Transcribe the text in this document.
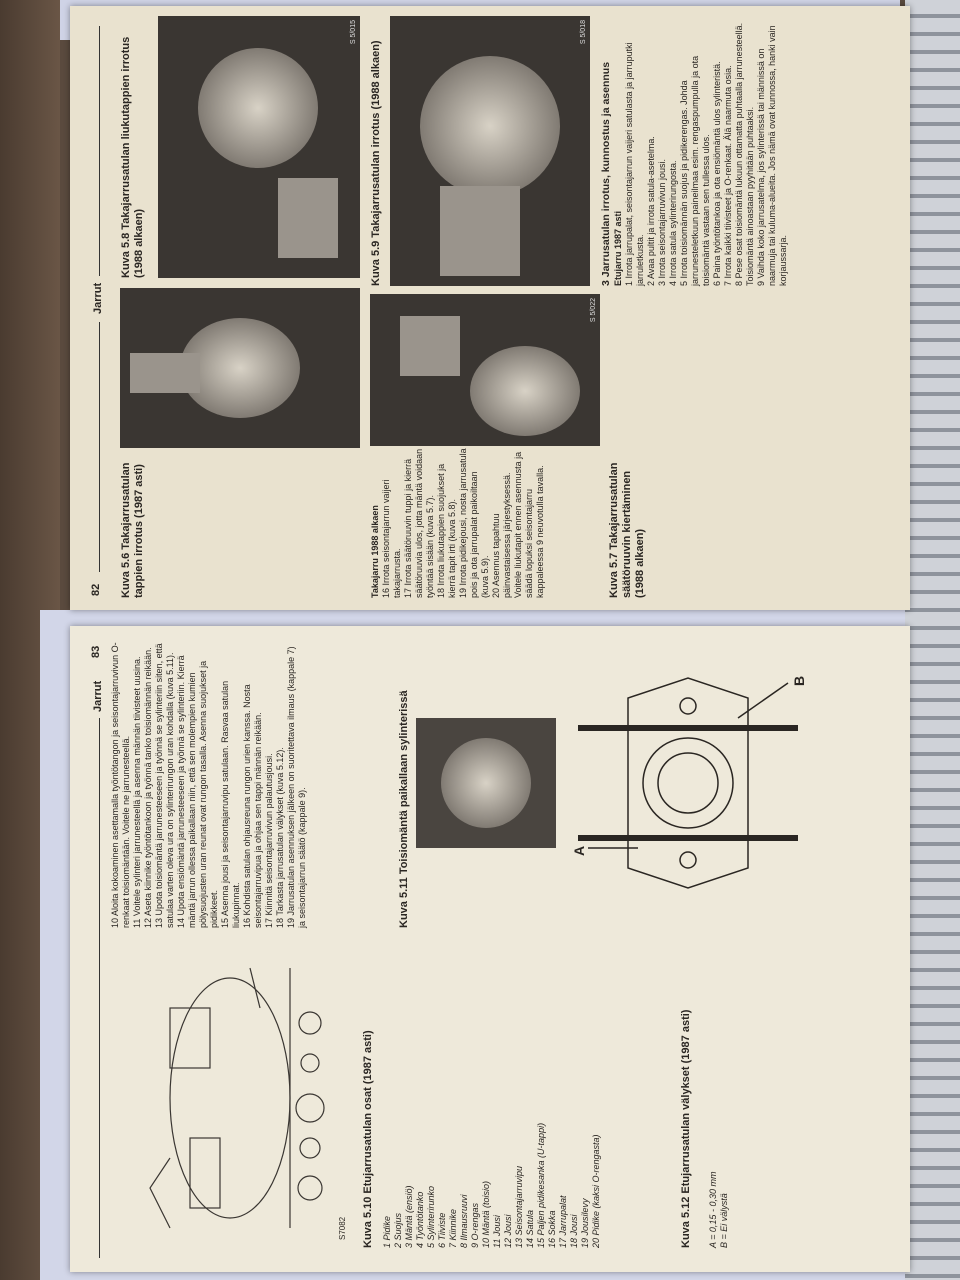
82
Jarrut
Kuva 5.6 Takajarrusatulan tappien irrotus (1987 asti)
Kuva 5.8 Takajarrusatulan liukutappien irrotus (1988 alkaen)
S 5/015

Takajarru 1988 alkaen 16 Irrota seisontajarrun vaijeri takajarrusta. 17 Irrota säätöruuvin tuppi ja kierrä säätöruuvia ulos, jotta mäntä voidaan työntää sisään (kuva 5.7). 18 Irrota liukutappien suojukset ja kierrä tapit irti (kuva 5.8). 19 Irrota pidikejousi, nosta jarrusatula pois ja ota jarrupalat paikoiltaan (kuva 5.9). 20 Asennus tapahtuu päinvastaisessa järjestyksessä. Voitele liukutapit ennen asennusta ja säädä lopuksi seisontajarru kappaleessa 9 neuvotulla tavalla.

S 5/022
Kuva 5.9 Takajarrusatulan irrotus (1988 alkaen)
S 5/018
Kuva 5.7 Takajarrusatulan säätöruuvin kiertäminen (1988 alkaen)

3 Jarrusatulan irrotus, kunnostus ja asennus Etujarru 1987 asti 1 Irrota jarrupalat, seisontajarrun vaijeri satulasta ja jarruputki jarruletkusta. 2 Avaa pultit ja irrota satula-asetelma. 3 Irrota seisontajarruvivun jousi. 4 Irrota satula sylinterirungosta. 5 Irrota toisiomännän suojus ja pidikerengas. Johda jarrunesteletkuun paineilmaa esim. rengaspumpulla ja ota toisiomäntä vastaan sen tullessa ulos. 6 Paina työntötankoa ja ota ensiömäntä ulos sylinteristä. 7 Irrota kaikki tiivisteet ja O-renkaat. Älä naarmuta osia. 8 Pese osat toisiomäntä lukuun ottamatta puhtaalla jarrunesteellä. Toisiomäntä ainoastaan pyyhitään puhtaaksi. 9 Vaihda koko jarrusatelma, jos sylinterissä tai männissä on naarmuja tai kuluma-alueita. Jos nämä ovat kunnossa, hanki vain korjaussarja.

Jarrut
83
S7082 Kuva 5.10 Etujarrusatulan osat (1987 asti) 1 Pidike 2 Suojus 3 Mäntä (ensiö) 4 Työntötanko 5 Sylinterirunko 6 Tiiviste 7 Kiinnike 8 Ilmausruuvi 9 O-rengas 10 Mäntä (toisio) 11 Jousi 12 Jousi 13 Seisontajarruvipu 14 Satula 15 Paljen pidikesanka (U-tappi) 16 Sokka 17 Jarrupalat 18 Jousi 19 Jousilevy 20 Pidike (kaksi O-rengasta)

10 Aloita kokoaminen asettamalla työntötangon ja seisontajarruvivun O-renkaat toisiomäntään. Voitele ne jarrunesteellä. 11 Voitele sylinteri jarrunesteellä ja asenna männän tiivisteet uusina. 12 Aseta kiinnike työntötankoon ja työnnä tanko toisiomännän reikään. 13 Upota toisiomäntä jarrunesteeseen ja työnnä se sylinteriin siten, että satulaa varten oleva ura on sylinterirungon uran kohdalla (kuva 5.11). 14 Upota ensiömäntä jarrunesteeseen ja työnnä se sylinteriin. Kierrä mäntä jarrun ollessa paikallaan niin, että sen molempien kumien pölysuojusten uran reunat ovat rungon tasalla. Asenna suojukset ja pidikkeet. 15 Asenna jousi ja seisontajarruvipu satulaan. Rasvaa satulan liukupinnat. 16 Kohdista satulan ohjausreuna rungon urien kanssa. Nosta seisontajarruvipua ja ohjaa sen tappi männän reikään. 17 Kiinnitä seisontajarruvivun palautusjousi. 18 Tarkasta jarrusatulan välykset (kuva 5.12). 19 Jarrusatulan asennuksen jälkeen on suoritettava ilmaus (kappale 7) ja seisontajarrun säätö (kappale 9).	Kuva 5.11 Toisiomäntä paikallaan sylinterissä	A
B
Kuva 5.12 Etujarrusatulan välykset (1987 asti) A = 0,15 - 0,30 mm B = Ei välystä
